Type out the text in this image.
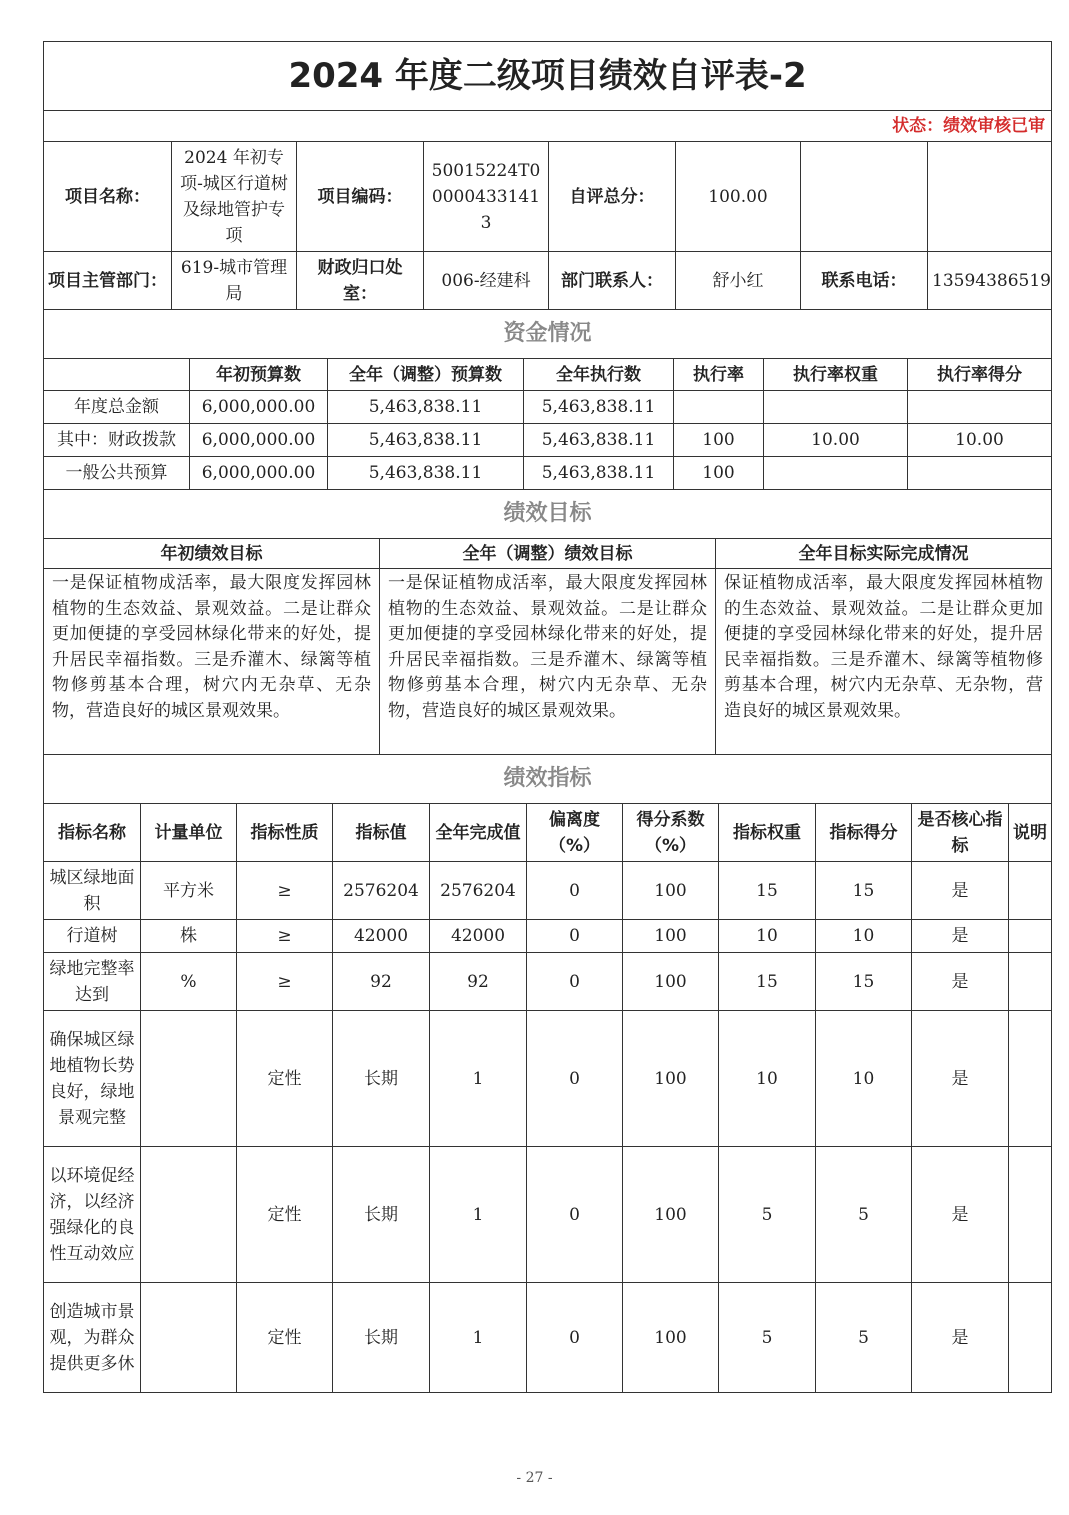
2024 年度二级项目绩效自评表-2							
状态：绩效审核已审							
项目名称：	2024 年初专项-城区行道树及绿地管护专项	项目编码：	50015224T000004331413	自评总分：	100.00		
项目主管部门：	619-城市管理局	财政归口处室：	006-经建科	部门联系人：	舒小红	联系电话：	13594386519
资金情况							
	年初预算数	全年（调整）预算数	全年执行数	执行率	执行率权重	执行率得分
年度总金额	6,000,000.00	5,463,838.11	5,463,838.11			
其中：财政拨款	6,000,000.00	5,463,838.11	5,463,838.11	100	10.00	10.00
一般公共预算	6,000,000.00	5,463,838.11	5,463,838.11	100		
绩效目标						
年初绩效目标	全年（调整）绩效目标	全年目标实际完成情况
一是保证植物成活率，最大限度发挥园林植物的生态效益、景观效益。二是让群众更加便捷的享受园林绿化带来的好处，提升居民幸福指数。三是乔灌木、绿篱等植物修剪基本合理，树穴内无杂草、无杂物，营造良好的城区景观效果。	一是保证植物成活率，最大限度发挥园林植物的生态效益、景观效益。二是让群众更加便捷的享受园林绿化带来的好处，提升居民幸福指数。三是乔灌木、绿篱等植物修剪基本合理，树穴内无杂草、无杂物，营造良好的城区景观效果。	保证植物成活率，最大限度发挥园林植物的生态效益、景观效益。二是让群众更加便捷的享受园林绿化带来的好处，提升居民幸福指数。三是乔灌木、绿篱等植物修剪基本合理，树穴内无杂草、无杂物，营造良好的城区景观效果。
绩效指标		
指标名称	计量单位	指标性质	指标值	全年完成值	偏离度（%）	得分系数（%）	指标权重	指标得分	是否核心指标	说明
城区绿地面积	平方米	≥	2576204	2576204	0	100	15	15	是	
行道树	株	≥	42000	42000	0	100	10	10	是	
绿地完整率达到	%	≥	92	92	0	100	15	15	是	
确保城区绿地植物长势良好，绿地景观完整		定性	长期	1	0	100	10	10	是	
以环境促经济，以经济强绿化的良性互动效应		定性	长期	1	0	100	5	5	是	
创造城市景观，为群众提供更多休		定性	长期	1	0	100	5	5	是	
- 27 -
